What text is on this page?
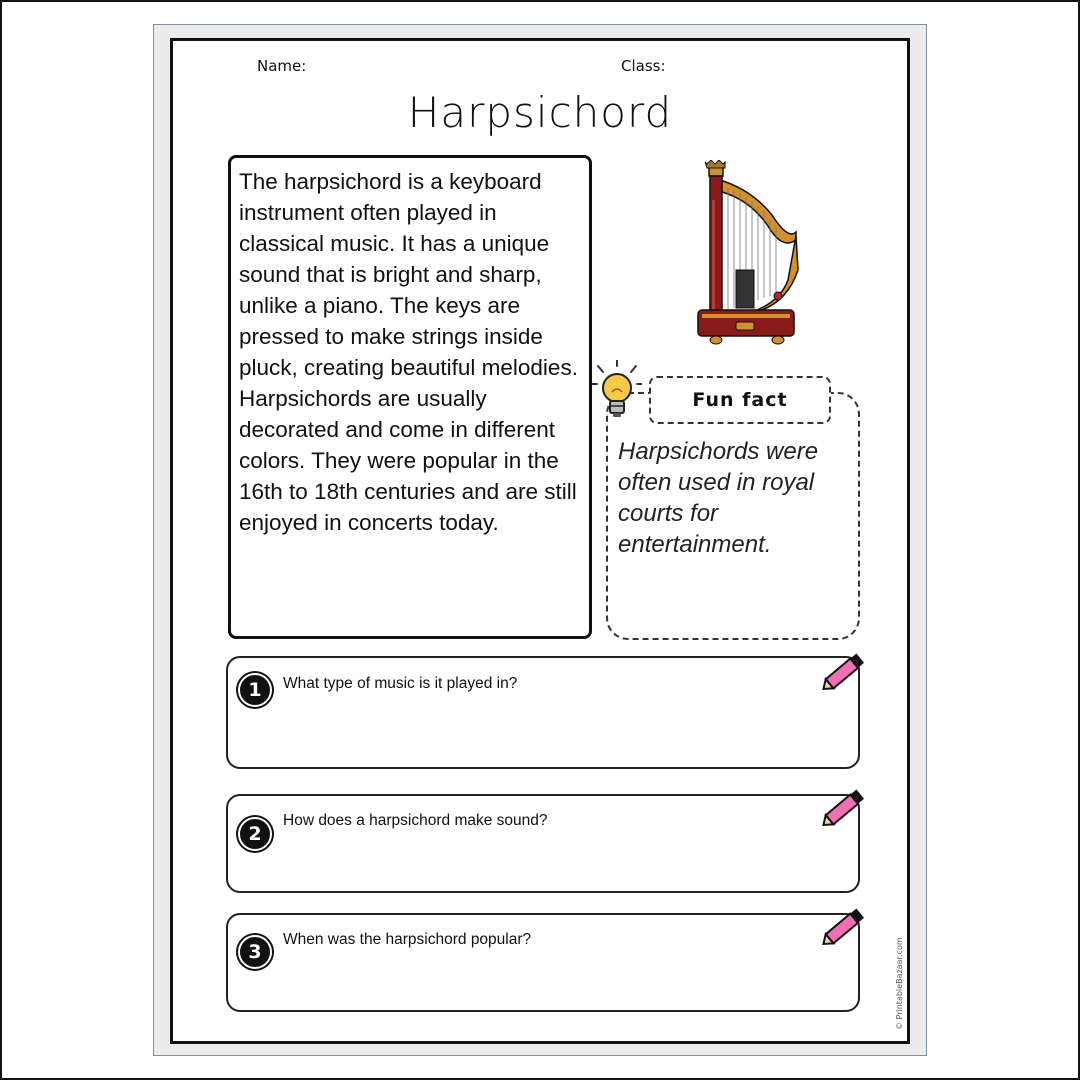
Name:	Class:
Harpsichord

The harpsichord is a keyboard instrument often played in classical music. It has a unique sound that is bright and sharp, unlike a piano. The keys are pressed to make strings inside pluck, creating beautiful melodies. Harpsichords are usually decorated and come in different colors. They were popular in the 16th to 18th centuries and are still enjoyed in concerts today.

Fun fact

Harpsichords were often used in royal courts for entertainment.

1	What type of music is it played in?
2
How does a harpsichord make sound?
3
When was the harpsichord popular?	© PrintableBazaar.com
